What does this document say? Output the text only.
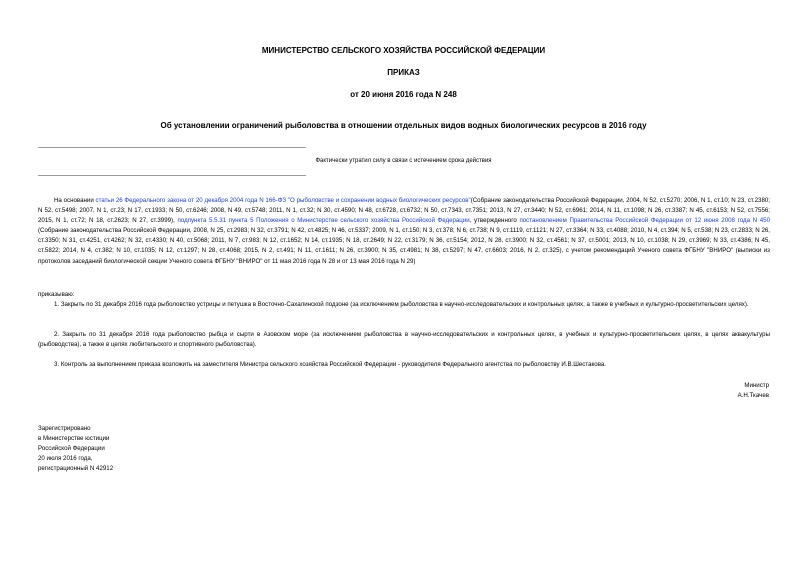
МИНИСТЕРСТВО СЕЛЬСКОГО ХОЗЯЙСТВА РОССИЙСКОЙ ФЕДЕРАЦИИ
ПРИКАЗ
от 20 июня 2016 года N 248
Об установлении ограничений рыболовства в отношении отдельных видов водных биологических ресурсов в 2016 году
Фактически утратил силу в связи с истечением срока действия
На основании статьи 26 Федерального закона от 20 декабря 2004 года N 166-ФЗ "О рыболовстве и сохранении водных биологических ресурсов"(Собрание законодательства Российской Федерации, 2004, N 52, ст.5270; 2006, N 1, ст.10; N 23, ст.2380; N 52, ст.5498; 2007, N 1, ст.23; N 17, ст.1933; N 50, ст.6246; 2008, N 49, ст.5748; 2011, N 1, ст.32; N 30, ст.4590; N 48, ст.6728, ст.6732; N 50, ст.7343, ст.7351; 2013, N 27, ст.3440; N 52, ст.6961; 2014, N 11, ст.1098; N 26, ст.3387; N 45, ст.6153; N 52, ст.7556; 2015, N 1, ст.72; N 18, ст.2623; N 27, ст.3999), подпункта 5.5.31 пункта 5 Положения о Министерстве сельского хозяйства Российской Федерации, утвержденного постановлением Правительства Российской Федерации от 12 июня 2008 года N 450 (Собрание законодательства Российской Федерации, 2008, N 25, ст.2983; N 32, ст.3791; N 42, ст.4825; N 46, ст.5337; 2009, N 1, ст.150; N 3, ст.378; N 6, ст.738; N 9, ст.1119, ст.1121; N 27, ст.3364; N 33, ст.4088; 2010, N 4, ст.394; N 5, ст.538; N 23, ст.2833; N 26, ст.3350; N 31, ст.4251, ст.4262; N 32, ст.4330; N 40, ст.5068; 2011, N 7, ст.983; N 12, ст.1652; N 14, ст.1935; N 18, ст.2649; N 22, ст.3179; N 36, ст.5154; 2012, N 28, ст.3900; N 32, ст.4561; N 37, ст.5001; 2013, N 10, ст.1038; N 29, ст.3969; N 33, ст.4386; N 45, ст.5822; 2014, N 4, ст.382; N 10, ст.1035; N 12, ст.1297; N 28, ст.4068; 2015, N 2, ст.491; N 11, ст.1611; N 26, ст.3900; N 35, ст.4981; N 38, ст.5297; N 47, ст.6603; 2016, N 2, ст.325), с учетом рекомендаций Ученого совета ФГБНУ "ВНИРО" (выписки из протоколов заседаний биологической секции Ученого совета ФГБНУ "ВНИРО" от 11 мая 2016 года N 28 и от 13 мая 2016 года N 29)
приказываю:
1. Закрыть по 31 декабря 2016 года рыболовство устрицы и петушка в Восточно-Сахалинской подзоне (за исключением рыболовства в научно-исследовательских и контрольных целях, а также в учебных и культурно-просветительских целях).
2. Закрыть по 31 декабря 2016 года рыболовство рыбца и сырти в Азовском море (за исключением рыболовства в научно-исследовательских и контрольных целях, в учебных и культурно-просветительских целях, в целях аквакультуры (рыбоводства), а также в целях любительского и спортивного рыболовства).
3. Контроль за выполнением приказа возложить на заместителя Министра сельского хозяйства Российской Федерации - руководителя Федерального агентства по рыболовству И.В.Шестакова.
Министр
А.Н.Ткачев
Зарегистрировано
в Министерстве юстиции
Российской Федерации
20 июля 2016 года,
регистрационный N 42912
